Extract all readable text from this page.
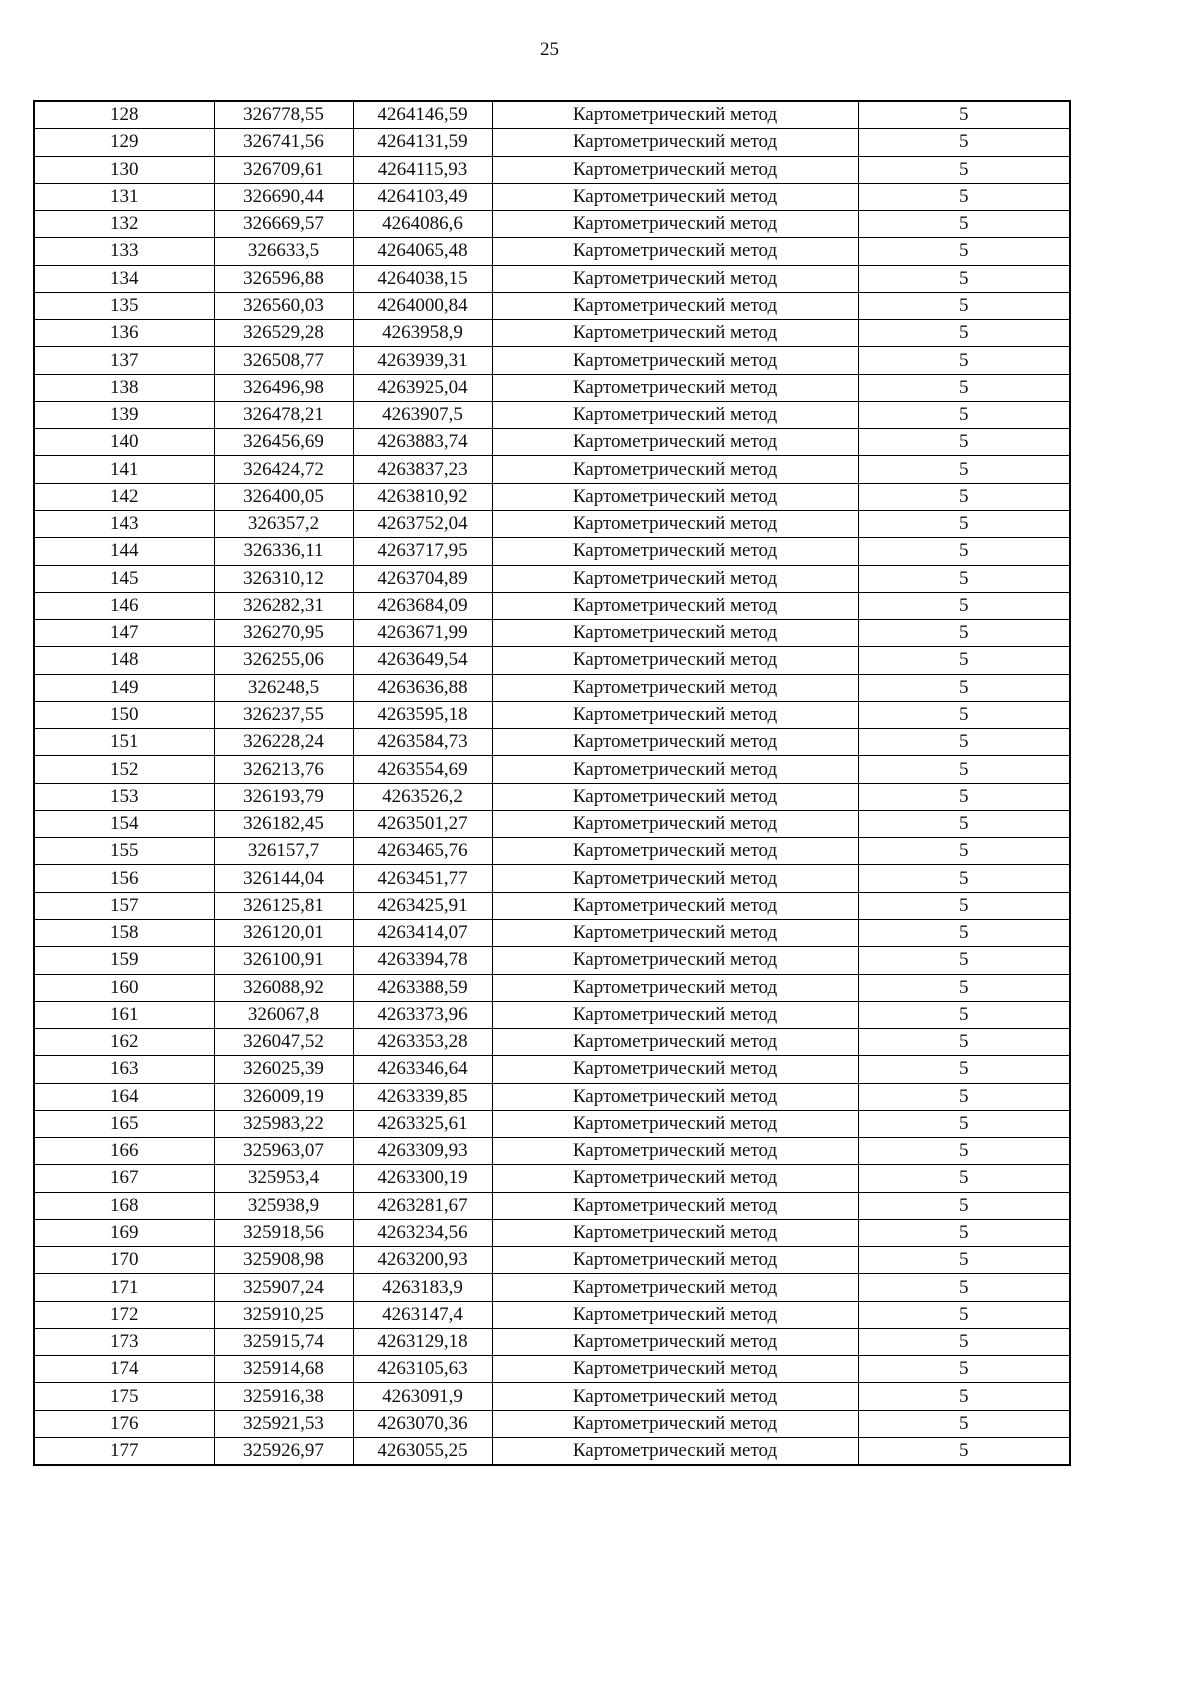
25
128	326778,55	4264146,59	Картометрический метод	5
129	326741,56	4264131,59	Картометрический метод	5
130	326709,61	4264115,93	Картометрический метод	5
131	326690,44	4264103,49	Картометрический метод	5
132	326669,57	4264086,6	Картометрический метод	5
133	326633,5	4264065,48	Картометрический метод	5
134	326596,88	4264038,15	Картометрический метод	5
135	326560,03	4264000,84	Картометрический метод	5
136	326529,28	4263958,9	Картометрический метод	5
137	326508,77	4263939,31	Картометрический метод	5
138	326496,98	4263925,04	Картометрический метод	5
139	326478,21	4263907,5	Картометрический метод	5
140	326456,69	4263883,74	Картометрический метод	5
141	326424,72	4263837,23	Картометрический метод	5
142	326400,05	4263810,92	Картометрический метод	5
143	326357,2	4263752,04	Картометрический метод	5
144	326336,11	4263717,95	Картометрический метод	5
145	326310,12	4263704,89	Картометрический метод	5
146	326282,31	4263684,09	Картометрический метод	5
147	326270,95	4263671,99	Картометрический метод	5
148	326255,06	4263649,54	Картометрический метод	5
149	326248,5	4263636,88	Картометрический метод	5
150	326237,55	4263595,18	Картометрический метод	5
151	326228,24	4263584,73	Картометрический метод	5
152	326213,76	4263554,69	Картометрический метод	5
153	326193,79	4263526,2	Картометрический метод	5
154	326182,45	4263501,27	Картометрический метод	5
155	326157,7	4263465,76	Картометрический метод	5
156	326144,04	4263451,77	Картометрический метод	5
157	326125,81	4263425,91	Картометрический метод	5
158	326120,01	4263414,07	Картометрический метод	5
159	326100,91	4263394,78	Картометрический метод	5
160	326088,92	4263388,59	Картометрический метод	5
161	326067,8	4263373,96	Картометрический метод	5
162	326047,52	4263353,28	Картометрический метод	5
163	326025,39	4263346,64	Картометрический метод	5
164	326009,19	4263339,85	Картометрический метод	5
165	325983,22	4263325,61	Картометрический метод	5
166	325963,07	4263309,93	Картометрический метод	5
167	325953,4	4263300,19	Картометрический метод	5
168	325938,9	4263281,67	Картометрический метод	5
169	325918,56	4263234,56	Картометрический метод	5
170	325908,98	4263200,93	Картометрический метод	5
171	325907,24	4263183,9	Картометрический метод	5
172	325910,25	4263147,4	Картометрический метод	5
173	325915,74	4263129,18	Картометрический метод	5
174	325914,68	4263105,63	Картометрический метод	5
175	325916,38	4263091,9	Картометрический метод	5
176	325921,53	4263070,36	Картометрический метод	5
177	325926,97	4263055,25	Картометрический метод	5
